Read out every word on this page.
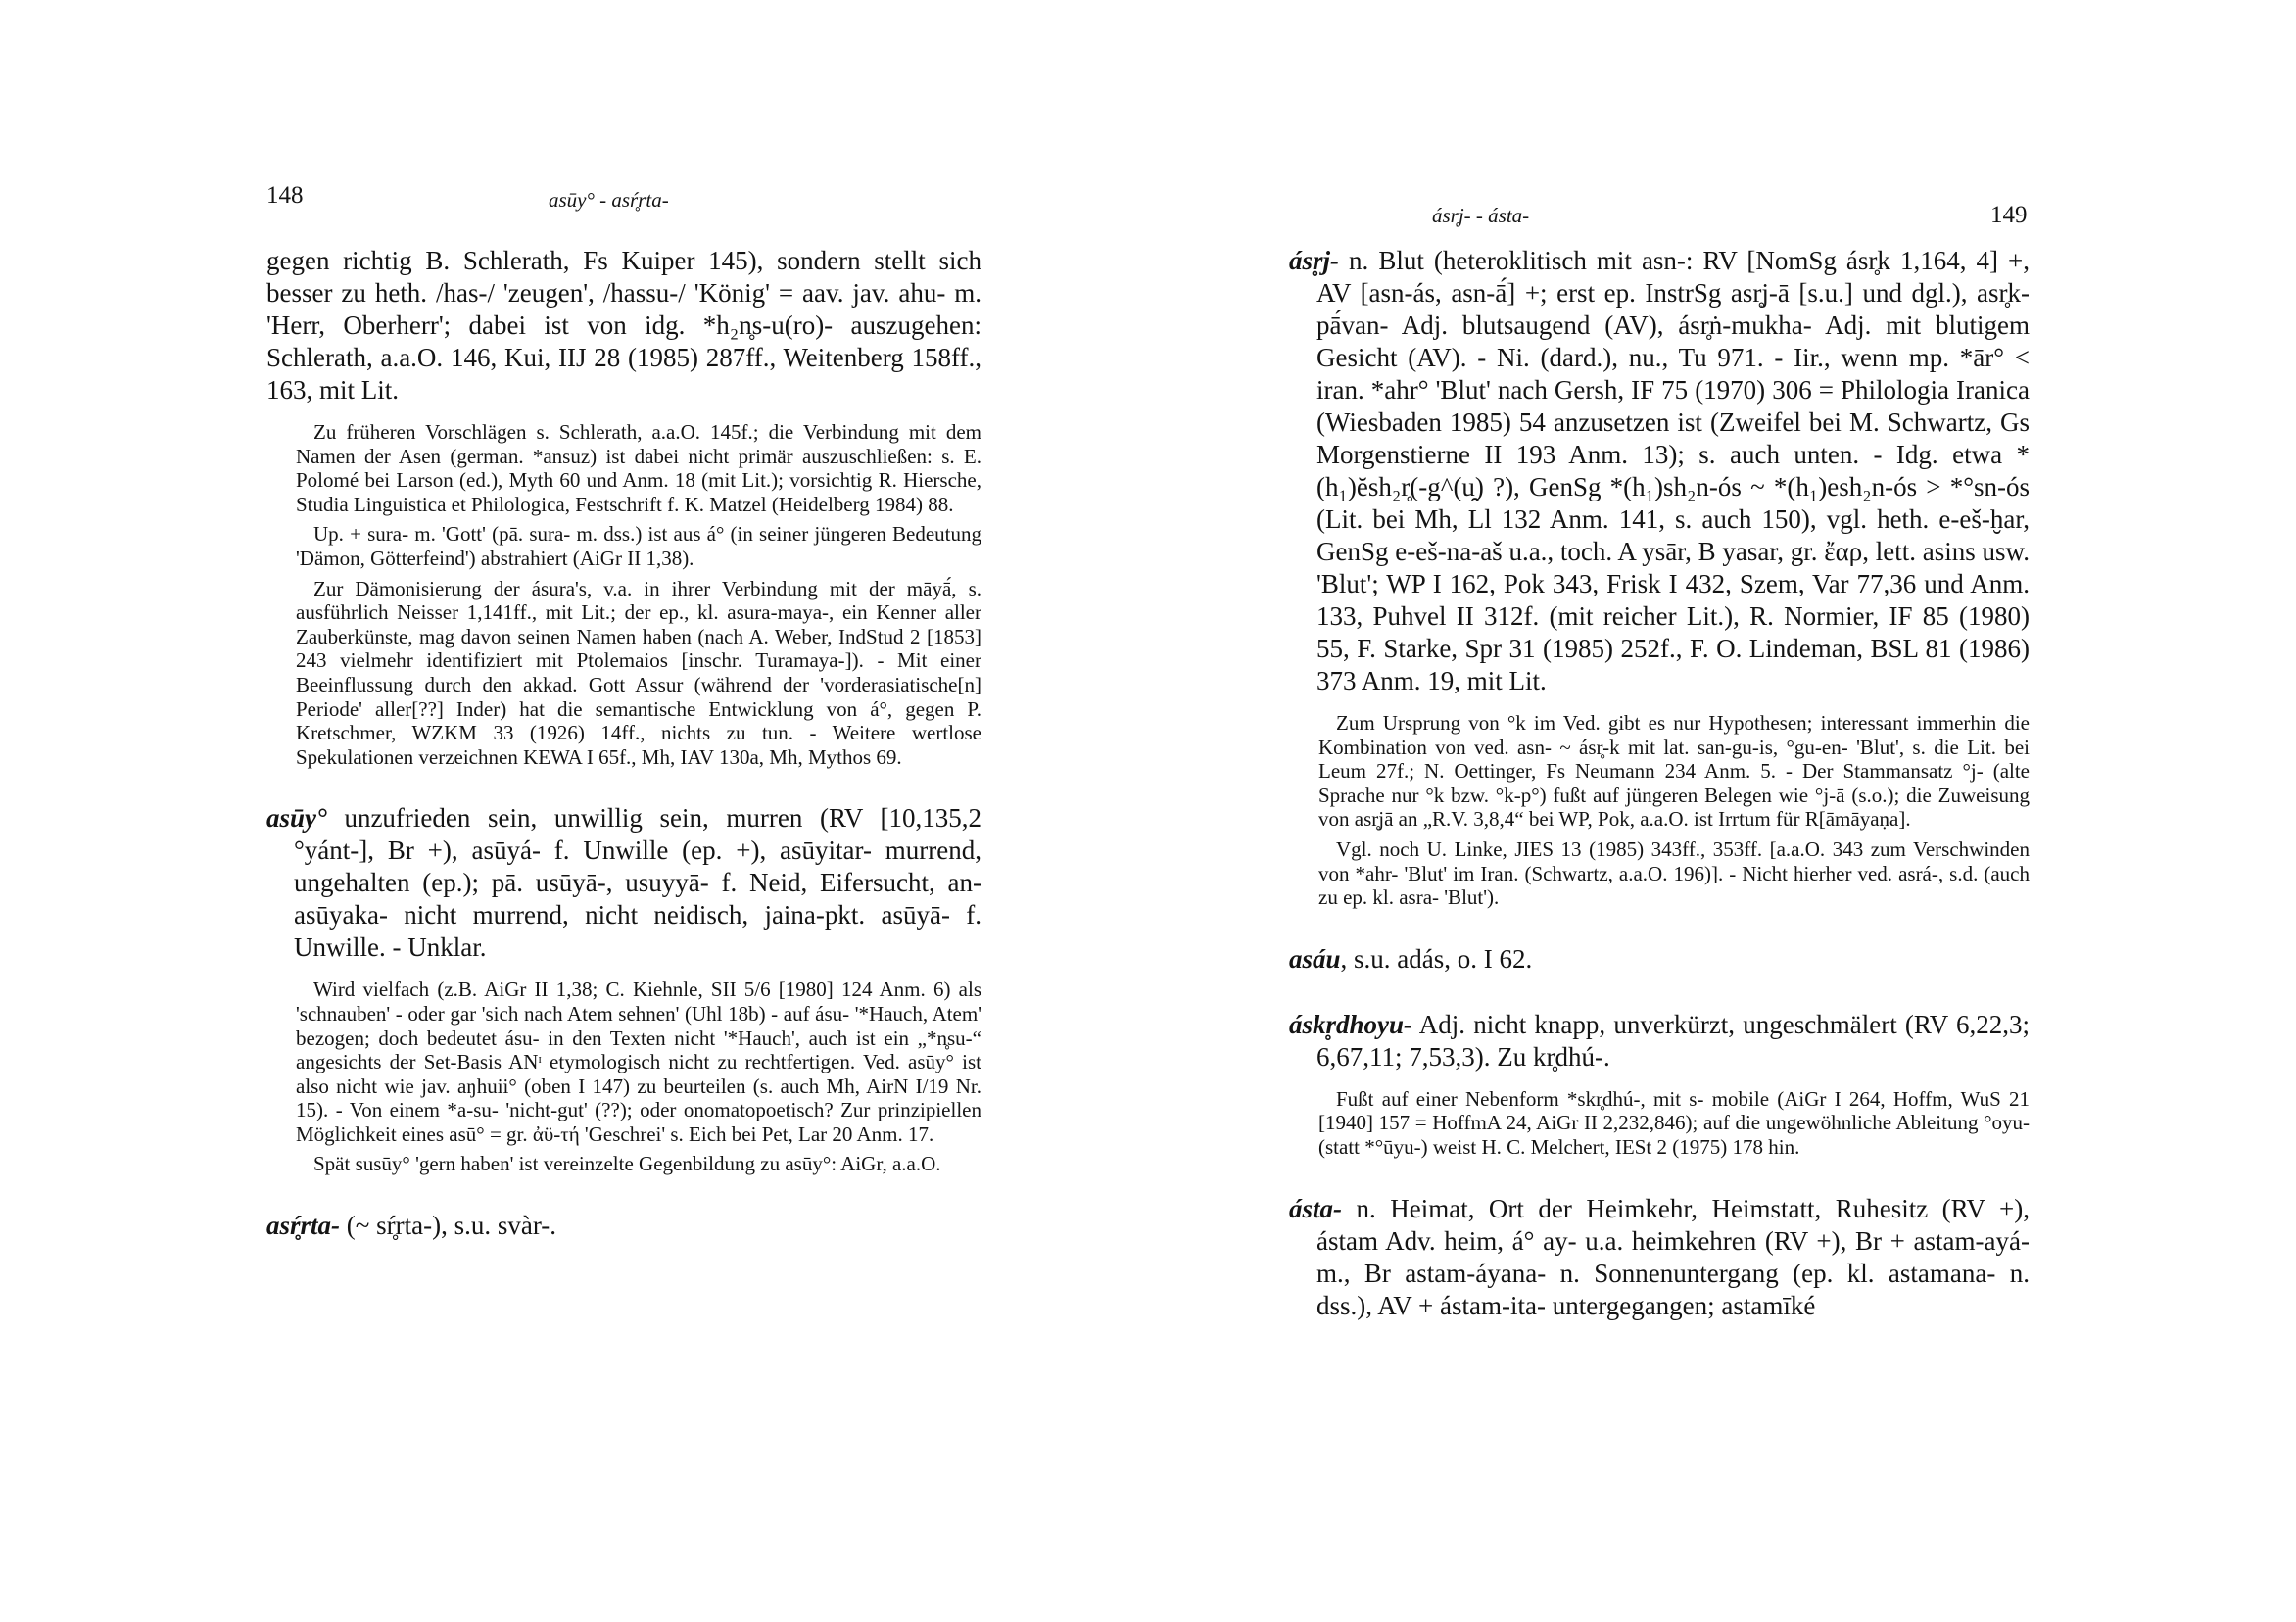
148	asūy° - asŕ̥rta-

gegen richtig B. Schlerath, Fs Kuiper 145), sondern stellt sich besser zu heth. /has-/ 'zeugen', /hassu-/ 'König' = aav. jav. ahu- m. 'Herr, Oberherr'; dabei ist von idg. *h₂n̥s-u(ro)- auszugehen: Schlerath, a.a.O. 146, Kui, IIJ 28 (1985) 287ff., Weitenberg 158ff., 163, mit Lit.

Zu früheren Vorschlägen s. Schlerath, a.a.O. 145f.; die Verbindung mit dem Namen der Asen (german. *ansuz) ist dabei nicht primär auszuschließen: s. E. Polomé bei Larson (ed.), Myth 60 und Anm. 18 (mit Lit.); vorsichtig R. Hiersche, Studia Linguistica et Philologica, Festschrift f. K. Matzel (Heidelberg 1984) 88.

Up. + sura- m. 'Gott' (pā. sura- m. dss.) ist aus á° (in seiner jüngeren Bedeutung 'Dämon, Götterfeind') abstrahiert (AiGr II 1,38).

Zur Dämonisierung der ásura's, v.a. in ihrer Verbindung mit der māyā́, s. ausführlich Neisser 1,141ff., mit Lit.; der ep., kl. asura-maya-, ein Kenner aller Zauberkünste, mag davon seinen Namen haben (nach A. Weber, IndStud 2 [1853] 243 vielmehr identifiziert mit Ptolemaios [inschr. Turamaya-]). - Mit einer Beeinflussung durch den akkad. Gott Assur (während der 'vorderasiatische[n] Periode' aller[??] Inder) hat die semantische Entwicklung von á°, gegen P. Kretschmer, WZKM 33 (1926) 14ff., nichts zu tun. - Weitere wertlose Spekulationen verzeichnen KEWA I 65f., Mh, IAV 130a, Mh, Mythos 69.

asūy° unzufrieden sein, unwillig sein, murren (RV [10,135,2 °yánt-], Br +), asūyá- f. Unwille (ep. +), asūyitar- murrend, ungehalten (ep.); pā. usūyā-, usuyyā- f. Neid, Eifersucht, an-asūyaka- nicht murrend, nicht neidisch, jaina-pkt. asūyā- f. Unwille. - Unklar.

Wird vielfach (z.B. AiGr II 1,38; C. Kiehnle, SII 5/6 [1980] 124 Anm. 6) als 'schnauben' - oder gar 'sich nach Atem sehnen' (Uhl 18b) - auf ásu- '*Hauch, Atem' bezogen; doch bedeutet ásu- in den Texten nicht '*Hauch', auch ist ein „*n̥su-“ angesichts der Set-Basis ANᶦ etymologisch nicht zu rechtfertigen. Ved. asūy° ist also nicht wie jav. aŋhuii° (oben I 147) zu beurteilen (s. auch Mh, AirN I/19 Nr. 15). - Von einem *a-su- 'nicht-gut' (??); oder onomatopoetisch? Zur prinzipiellen Möglichkeit eines asū° = gr. ἀϋ-τή 'Geschrei' s. Eich bei Pet, Lar 20 Anm. 17.

Spät susūy° 'gern haben' ist vereinzelte Gegenbildung zu asūy°: AiGr, a.a.O.

asŕ̥rta- (~ sŕ̥rta-), s.u. svàr-.

ásr̥j- - ásta-	149

ásr̥j- n. Blut (heteroklitisch mit asn-: RV [NomSg ásr̥k 1,164, 4] +, AV [asn-ás, asn-ā́] +; erst ep. InstrSg asr̥j-ā [s.u.] und dgl.), asr̥k-pā́van- Adj. blutsaugend (AV), ásr̥ṅ-mukha- Adj. mit blutigem Gesicht (AV). - Ni. (dard.), nu., Tu 971. - Iir., wenn mp. *ār° < iran. *ahr° 'Blut' nach Gersh, IF 75 (1970) 306 = Philologia Iranica (Wiesbaden 1985) 54 anzusetzen ist (Zweifel bei M. Schwartz, Gs Morgenstierne II 193 Anm. 13); s. auch unten. - Idg. etwa *(h₁)ĕsh₂r̥(-g^(u̯) ?), GenSg *(h₁)sh₂n-ós ~ *(h₁)esh₂n-ós > *°sn-ós (Lit. bei Mh, Ll 132 Anm. 141, s. auch 150), vgl. heth. e-eš-ḫar, GenSg e-eš-na-aš u.a., toch. A ysār, B yasar, gr. ἔαρ, lett. asins usw. 'Blut'; WP I 162, Pok 343, Frisk I 432, Szem, Var 77,36 und Anm. 133, Puhvel II 312f. (mit reicher Lit.), R. Normier, IF 85 (1980) 55, F. Starke, Spr 31 (1985) 252f., F. O. Lindeman, BSL 81 (1986) 373 Anm. 19, mit Lit.

Zum Ursprung von °k im Ved. gibt es nur Hypothesen; interessant immerhin die Kombination von ved. asn- ~ ásr̥-k mit lat. san-gu-is, °gu-en- 'Blut', s. die Lit. bei Leum 27f.; N. Oettinger, Fs Neumann 234 Anm. 5. - Der Stammansatz °j- (alte Sprache nur °k bzw. °k-p°) fußt auf jüngeren Belegen wie °j-ā (s.o.); die Zuweisung von asr̥jā an „R.V. 3,8,4“ bei WP, Pok, a.a.O. ist Irrtum für R[āmāyaṇa].

Vgl. noch U. Linke, JIES 13 (1985) 343ff., 353ff. [a.a.O. 343 zum Verschwinden von *ahr- 'Blut' im Iran. (Schwartz, a.a.O. 196)]. - Nicht hierher ved. asrá-, s.d. (auch zu ep. kl. asra- 'Blut').

asáu, s.u. adás, o. I 62.

áskr̥dhoyu- Adj. nicht knapp, unverkürzt, ungeschmälert (RV 6,22,3; 6,67,11; 7,53,3). Zu kr̥dhú-.

Fußt auf einer Nebenform *skr̥dhú-, mit s- mobile (AiGr I 264, Hoffm, WuS 21 [1940] 157 = HoffmA 24, AiGr II 2,232,846); auf die ungewöhnliche Ableitung °oyu- (statt *°ūyu-) weist H. C. Melchert, IESt 2 (1975) 178 hin.

ásta- n. Heimat, Ort der Heimkehr, Heimstatt, Ruhesitz (RV +), ástam Adv. heim, á° ay- u.a. heimkehren (RV +), Br + astam-ayá- m., Br astam-áyana- n. Sonnenuntergang (ep. kl. astamana- n. dss.), AV + ástam-ita- untergegangen; astamīké
